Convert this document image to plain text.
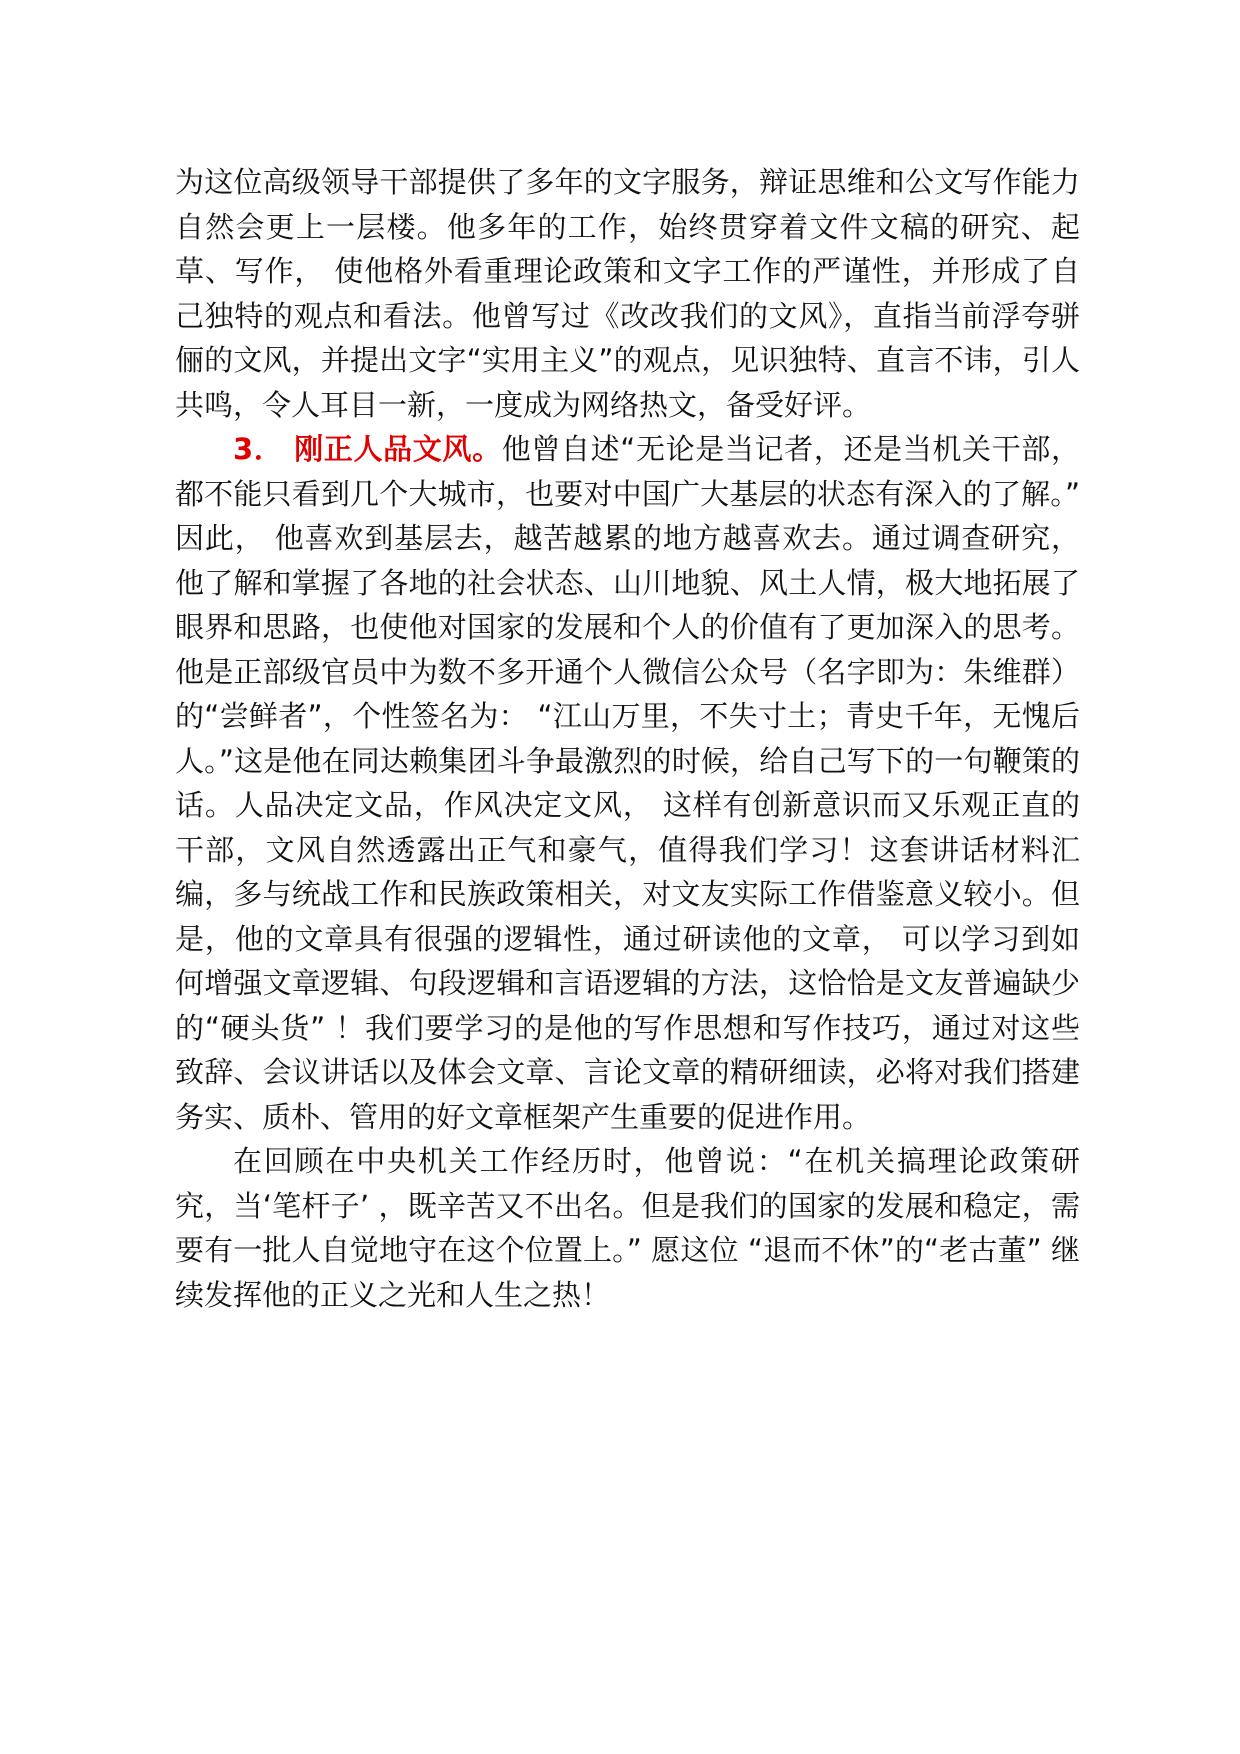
为这位高级领导干部提供了多年的文字服务，辩证思维和公文写作能力自然会更上一层楼。他多年的工作，始终贯穿着文件文稿的研究、起草、写作， 使他格外看重理论政策和文字工作的严谨性，并形成了自己独特的观点和看法。他曾写过《改改我们的文风》，直指当前浮夸骈俪的文风，并提出文字“实用主义”的观点，见识独特、直言不讳，引人共鸣，令人耳目一新，一度成为网络热文，备受好评。

3． 刚正人品文风。他曾自述“无论是当记者，还是当机关干部，都不能只看到几个大城市，也要对中国广大基层的状态有深入的了解。” 因此， 他喜欢到基层去，越苦越累的地方越喜欢去。通过调查研究，他了解和掌握了各地的社会状态、山川地貌、风土人情，极大地拓展了眼界和思路，也使他对国家的发展和个人的价值有了更加深入的思考。他是正部级官员中为数不多开通个人微信公众号（名字即为：朱维群）的“尝鲜者”，个性签名为： “江山万里，不失寸土；青史千年，无愧后人。”这是他在同达赖集团斗争最激烈的时候，给自己写下的一句鞭策的话。人品决定文品，作风决定文风， 这样有创新意识而又乐观正直的干部，文风自然透露出正气和豪气，值得我们学习！这套讲话材料汇编，多与统战工作和民族政策相关，对文友实际工作借鉴意义较小。但是，他的文章具有很强的逻辑性，通过研读他的文章， 可以学习到如何增强文章逻辑、句段逻辑和言语逻辑的方法，这恰恰是文友普遍缺少的“硬头货” ！我们要学习的是他的写作思想和写作技巧，通过对这些致辞、会议讲话以及体会文章、言论文章的精研细读，必将对我们搭建务实、质朴、管用的好文章框架产生重要的促进作用。

在回顾在中央机关工作经历时，他曾说：“在机关搞理论政策研究，当‘笔杆子’ ，既辛苦又不出名。但是我们的国家的发展和稳定，需要有一批人自觉地守在这个位置上。” 愿这位 “退而不休”的“老古董” 继续发挥他的正义之光和人生之热！
